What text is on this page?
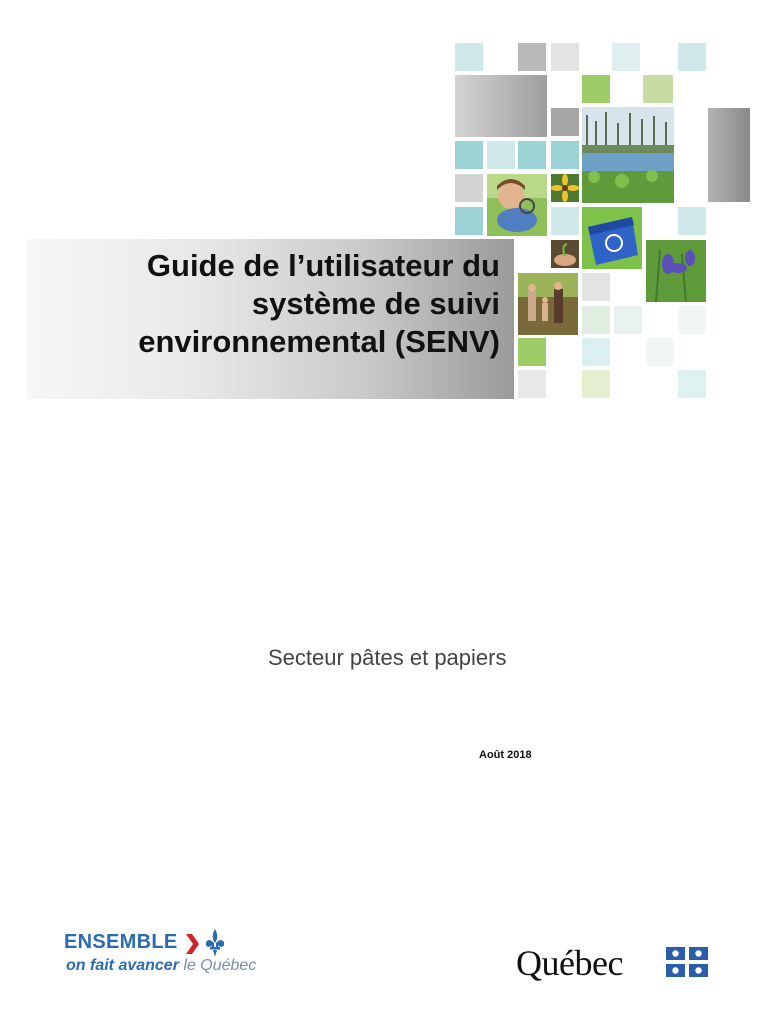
Guide de l’utilisateur du
système de suivi
environnemental (SENV)
Secteur pâtes et papiers
Août 2018
ENSEMBLE
on fait avancer le Québec	Québec
